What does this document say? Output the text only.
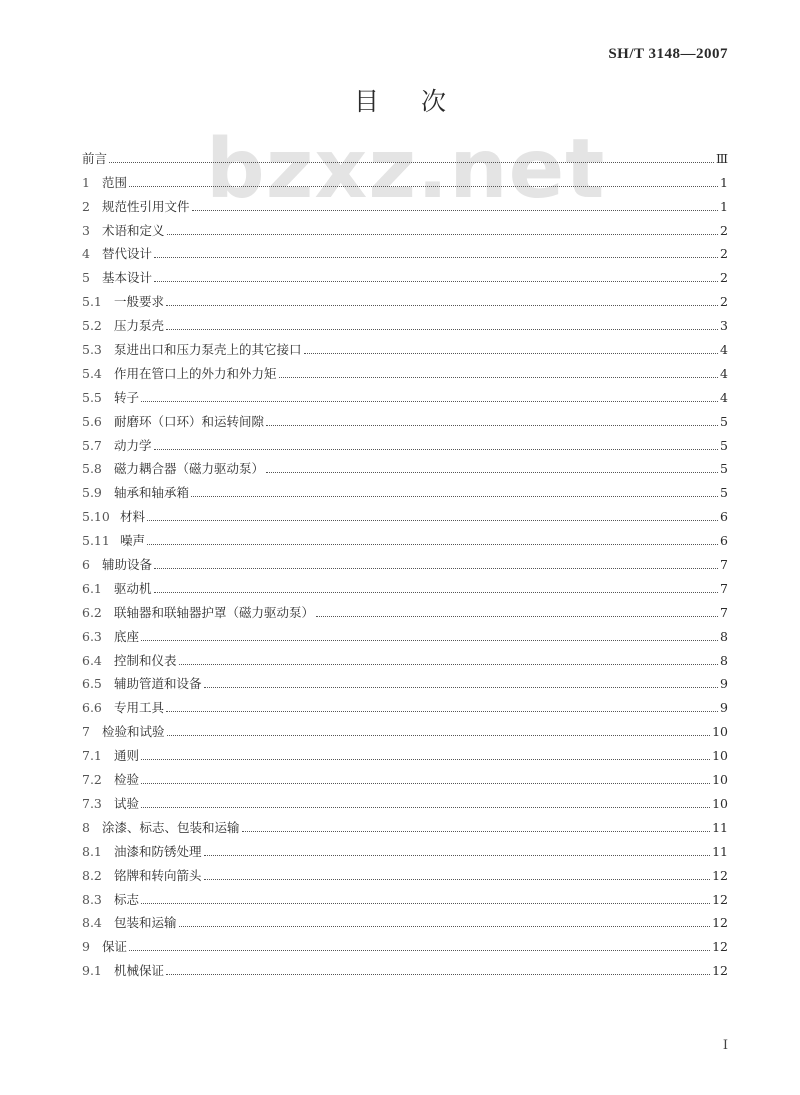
SH/T 3148—2007
目次
bzxz.net
前言	Ⅲ
1 范围	1
2 规范性引用文件	1
3 术语和定义	2
4 替代设计	2
5 基本设计	2
5.1 一般要求	2
5.2 压力泵壳	3
5.3 泵进出口和压力泵壳上的其它接口	4
5.4 作用在管口上的外力和外力矩	4
5.5 转子	4
5.6 耐磨环（口环）和运转间隙	5
5.7 动力学	5
5.8 磁力耦合器（磁力驱动泵）	5
5.9 轴承和轴承箱	5
5.10 材料	6
5.11 噪声	6
6 辅助设备	7
6.1 驱动机	7
6.2 联轴器和联轴器护罩（磁力驱动泵）	7
6.3 底座	8
6.4 控制和仪表	8
6.5 辅助管道和设备	9
6.6 专用工具	9
7 检验和试验	10
7.1 通则	10
7.2 检验	10
7.3 试验	10
8 涂漆、标志、包装和运输	11
8.1 油漆和防锈处理	11
8.2 铭牌和转向箭头	12
8.3 标志	12
8.4 包装和运输	12
9 保证	12
9.1 机械保证	12
Ⅰ
